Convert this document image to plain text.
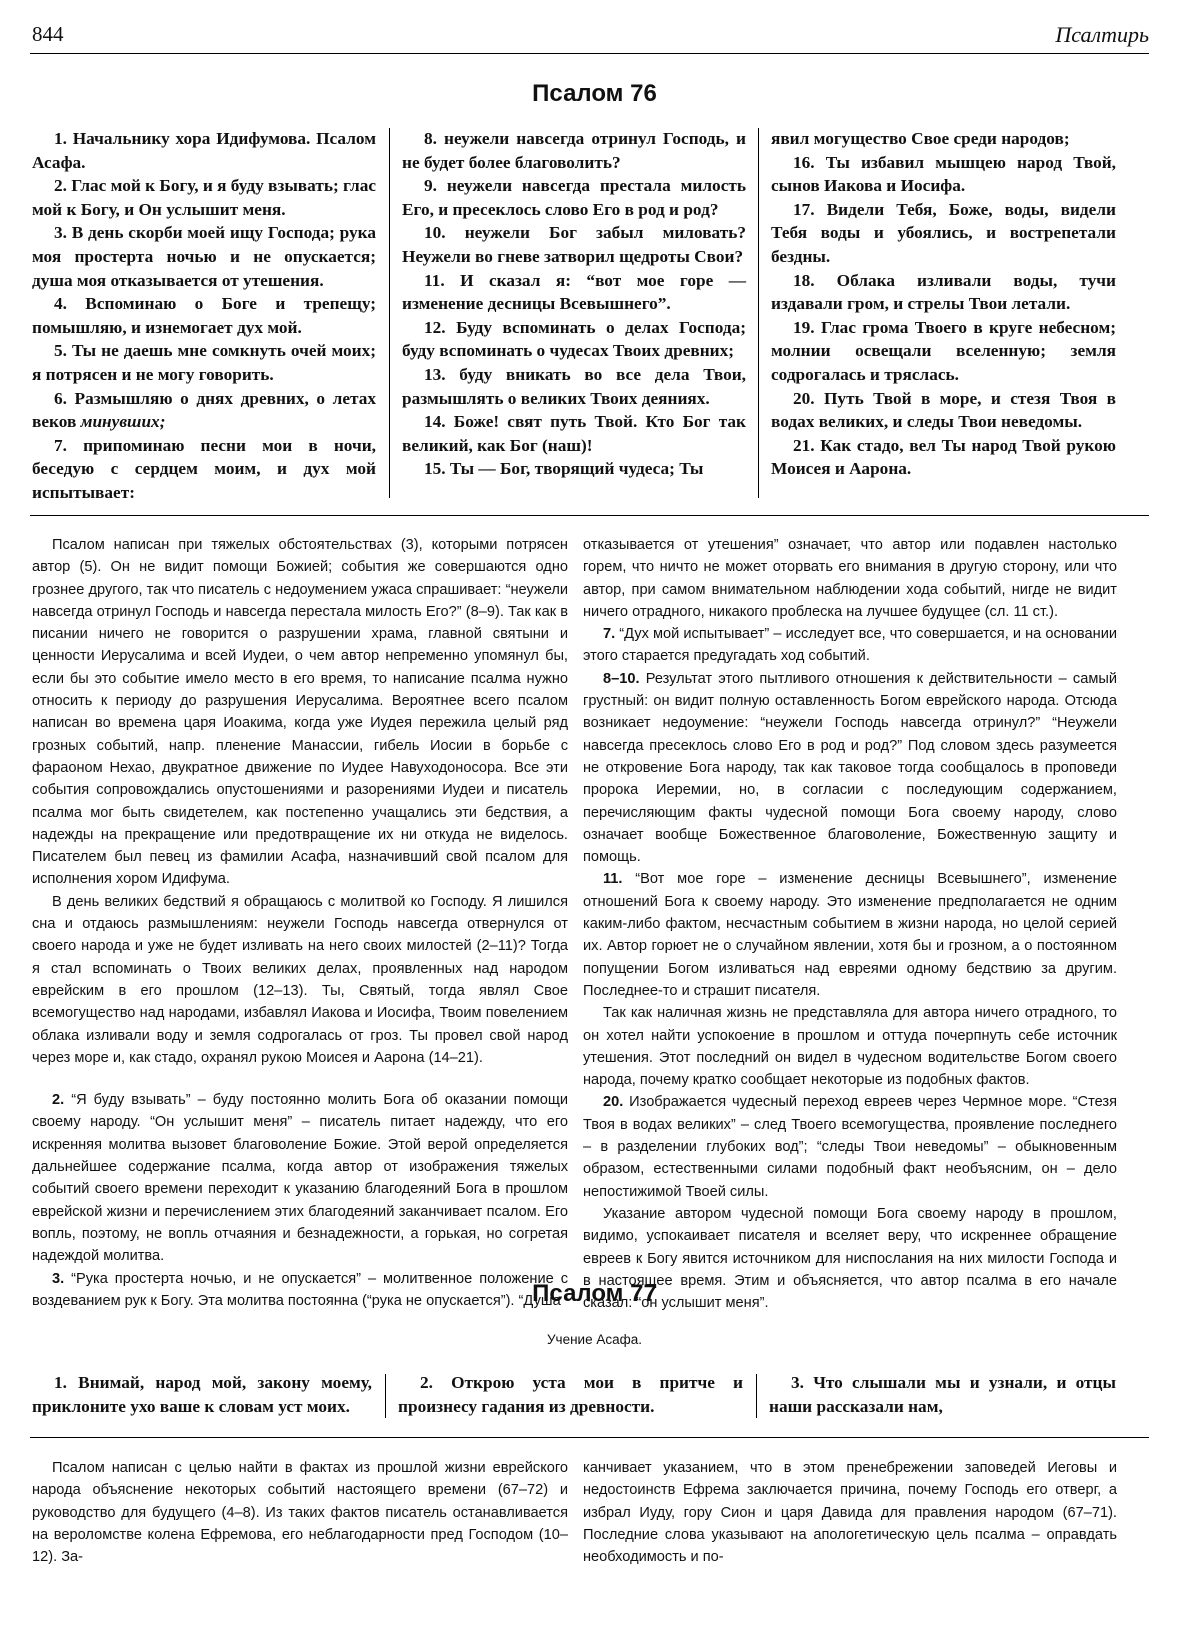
844	Псалтирь
Псалом 76

1. Начальнику хора Идифумова. Псалом Асафа.

2. Глас мой к Богу, и я буду взывать; глас мой к Богу, и Он услышит меня.

3. В день скорби моей ищу Господа; рука моя простерта ночью и не опускается; душа моя отказывается от утешения.

4. Вспоминаю о Боге и трепещу; помышляю, и изнемогает дух мой.

5. Ты не даешь мне сомкнуть очей моих; я потрясен и не могу говорить.

6. Размышляю о днях древних, о летах веков минувших;

7. припоминаю песни мои в ночи, беседую с сердцем моим, и дух мой испытывает:

8. неужели навсегда отринул Господь, и не будет более благоволить?

9. неужели навсегда престала милость Его, и пресеклось слово Его в род и род?

10. неужели Бог забыл миловать? Неужели во гневе затворил щедроты Свои?

11. И сказал я: “вот мое горе — изменение десницы Всевышнего”.

12. Буду вспоминать о делах Господа; буду вспоминать о чудесах Твоих древних;

13. буду вникать во все дела Твои, размышлять о великих Твоих деяниях.

14. Боже! свят путь Твой. Кто Бог так великий, как Бог (наш)!

15. Ты — Бог, творящий чудеса; Ты

явил могущество Свое среди народов;

16. Ты избавил мышцею народ Твой, сынов Иакова и Иосифа.

17. Видели Тебя, Боже, воды, видели Тебя воды и убоялись, и вострепетали бездны.

18. Облака изливали воды, тучи издавали гром, и стрелы Твои летали.

19. Глас грома Твоего в круге небесном; молнии освещали вселенную; земля содрогалась и тряслась.

20. Путь Твой в море, и стезя Твоя в водах великих, и следы Твои неведомы.

21. Как стадо, вел Ты народ Твой рукою Моисея и Аарона.

Псалом написан при тяжелых обстоятельствах (3), которыми потрясен автор (5). Он не видит помощи Божией; события же совершаются одно грознее другого, так что писатель с недоумением ужаса спрашивает: “неужели навсегда отринул Господь и навсегда перестала милость Его?” (8–9). Так как в писании ничего не говорится о разрушении храма, главной святыни и ценности Иерусалима и всей Иудеи, о чем автор непременно упомянул бы, если бы это событие имело место в его время, то написание псалма нужно относить к периоду до разрушения Иерусалима. Вероятнее всего псалом написан во времена царя Иоакима, когда уже Иудея пережила целый ряд грозных событий, напр. пленение Манассии, гибель Иосии в борьбе с фараоном Нехао, двукратное движение по Иудее Навуходоносора. Все эти события сопровождались опустошениями и разорениями Иудеи и писатель псалма мог быть свидетелем, как постепенно учащались эти бедствия, а надежды на прекращение или предотвращение их ни откуда не виделось. Писателем был певец из фамилии Асафа, назначивший свой псалом для исполнения хором Идифума.

В день великих бедствий я обращаюсь с молитвой ко Господу. Я лишился сна и отдаюсь размышлениям: неужели Господь навсегда отвернулся от своего народа и уже не будет изливать на него своих милостей (2–11)? Тогда я стал вспоминать о Твоих великих делах, проявленных над народом еврейским в его прошлом (12–13). Ты, Святый, тогда являл Свое всемогущество над народами, избавлял Иакова и Иосифа, Твоим повелением облака изливали воду и земля содрогалась от гроз. Ты провел свой народ через море и, как стадо, охранял рукою Моисея и Аарона (14–21).

2. “Я буду взывать” – буду постоянно молить Бога об оказании помощи своему народу. “Он услышит меня” – писатель питает надежду, что его искренняя молитва вызовет благоволение Божие. Этой верой определяется дальнейшее содержание псалма, когда автор от изображения тяжелых событий своего времени переходит к указанию благодеяний Бога в прошлом еврейской жизни и перечислением этих благодеяний заканчивает псалом. Его вопль, поэтому, не вопль отчаяния и безнадежности, а горькая, но согретая надеждой молитва.

3. “Рука простерта ночью, и не опускается” – молитвенное положение с воздеванием рук к Богу. Эта молитва постоянна (“рука не опускается”). “Душа

отказывается от утешения” означает, что автор или подавлен настолько горем, что ничто не может оторвать его внимания в другую сторону, или что автор, при самом внимательном наблюдении хода событий, нигде не видит ничего отрадного, никакого проблеска на лучшее будущее (сл. 11 ст.).

7. “Дух мой испытывает” – исследует все, что совершается, и на основании этого старается предугадать ход событий.

8–10. Результат этого пытливого отношения к действительности – самый грустный: он видит полную оставленность Богом еврейского народа. Отсюда возникает недоумение: “неужели Господь навсегда отринул?” “Неужели навсегда пресеклось слово Его в род и род?” Под словом здесь разумеется не откровение Бога народу, так как таковое тогда сообщалось в проповеди пророка Иеремии, но, в согласии с последующим содержанием, перечисляющим факты чудесной помощи Бога своему народу, слово означает вообще Божественное благоволение, Божественную защиту и помощь.

11. “Вот мое горе – изменение десницы Всевышнего”, изменение отношений Бога к своему народу. Это изменение предполагается не одним каким-либо фактом, несчастным событием в жизни народа, но целой серией их. Автор горюет не о случайном явлении, хотя бы и грозном, а о постоянном попущении Богом изливаться над евреями одному бедствию за другим. Последнее-то и страшит писателя.

Так как наличная жизнь не представляла для автора ничего отрадного, то он хотел найти успокоение в прошлом и оттуда почерпнуть себе источник утешения. Этот последний он видел в чудесном водительстве Богом своего народа, почему кратко сообщает некоторые из подобных фактов.

20. Изображается чудесный переход евреев через Чермное море. “Стезя Твоя в водах великих” – след Твоего всемогущества, проявление последнего – в разделении глубоких вод”; “следы Твои неведомы” – обыкновенным образом, естественными силами подобный факт необъясним, он – дело непостижимой Твоей силы.

Указание автором чудесной помощи Бога своему народу в прошлом, видимо, успокаивает писателя и вселяет веру, что искреннее обращение евреев к Богу явится источником для ниспослания на них милости Господа и в настоящее время. Этим и объясняется, что автор псалма в его начале сказал: “он услышит меня”.

Псалом 77
Учение Асафа.

1. Внимай, народ мой, закону моему, приклоните ухо ваше к словам уст моих.

2. Открою уста мои в притче и произнесу гадания из древности.

3. Что слышали мы и узнали, и отцы наши рассказали нам,

Псалом написан с целью найти в фактах из прошлой жизни еврейского народа объяснение некоторых событий настоящего времени (67–72) и руководство для будущего (4–8). Из таких фактов писатель останавливается на вероломстве колена Ефремова, его неблагодарности пред Господом (10–12). За-

канчивает указанием, что в этом пренебрежении заповедей Иеговы и недостоинств Ефрема заключается причина, почему Господь его отверг, а избрал Иуду, гору Сион и царя Давида для правления народом (67–71). Последние слова указывают на апологетическую цель псалма – оправдать необходимость и по-
